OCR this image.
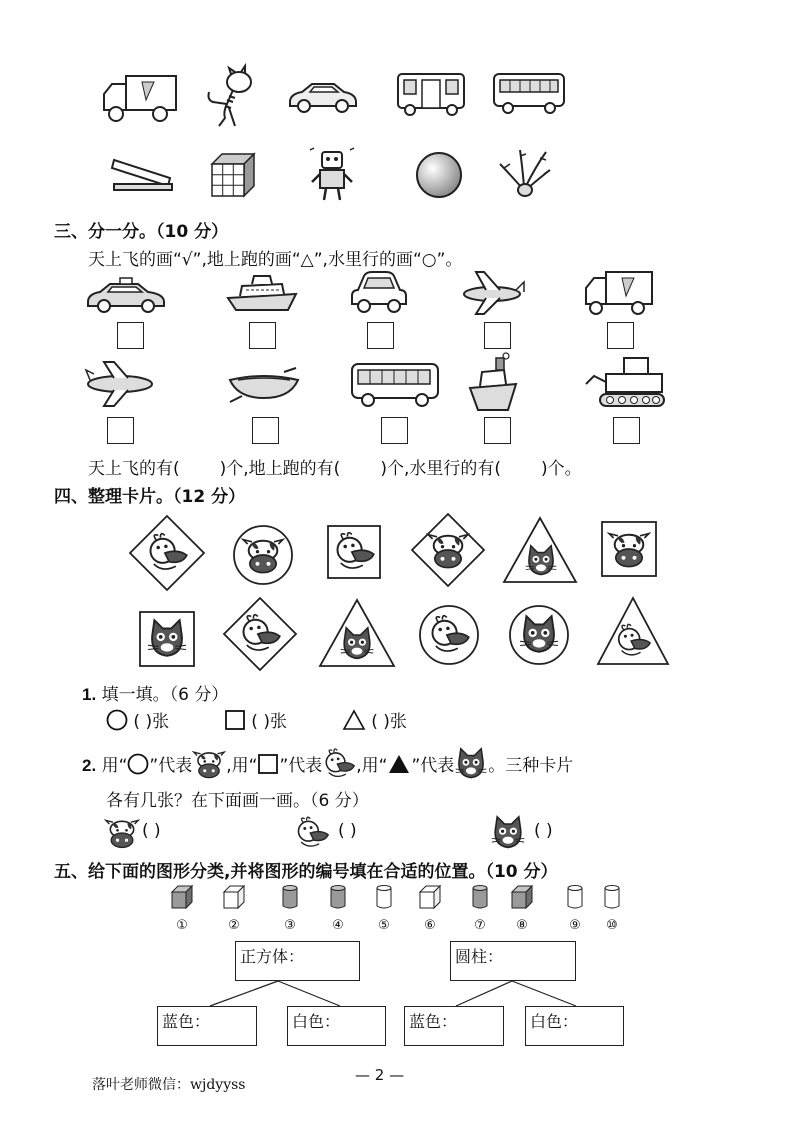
三、分一分。（10 分）
天上飞的画“√”,地上跑的画“△”,水里行的画“○”。
天上飞的有( )个,地上跑的有( )个,水里行的有( )个。
四、整理卡片。（12 分）
1. 填一填。（6 分）
( )张	( )张	( )张
2. 用“ ”代表 ,用“ ”代表 ,用“ ”代表 。三种卡片
各有几张？在下面画一画。（6 分）
( )	( )	( )
五、给下面的图形分类,并将图形的编号填在合适的位置。（10 分）
①	②	③	④	⑤	⑥	⑦	⑧	⑨	⑩
正方体：	圆柱：
蓝色：	白色：	蓝色：	白色：
— 2 —
落叶老师微信：wjdyyss
